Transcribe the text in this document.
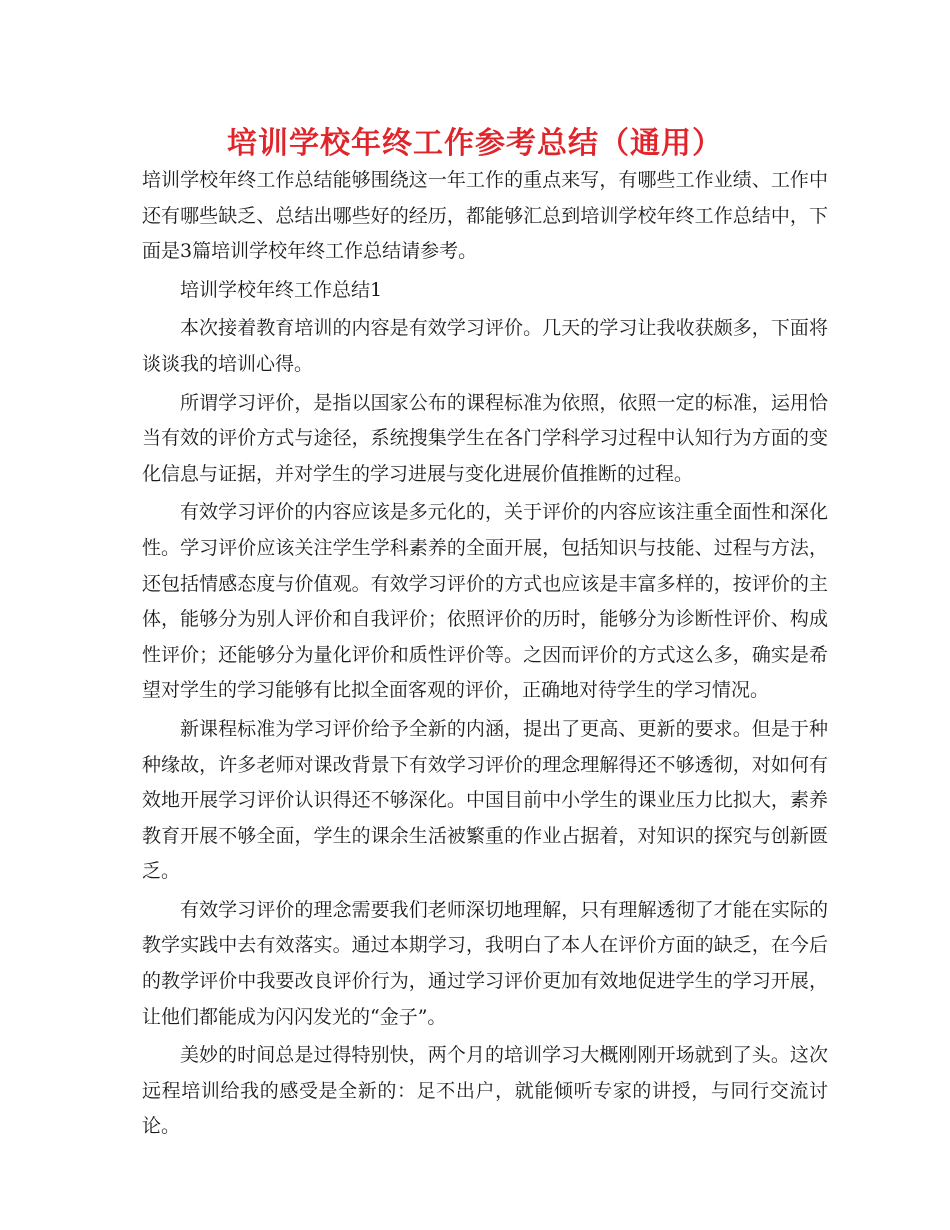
培训学校年终工作参考总结（通用）

培训学校年终工作总结能够围绕这一年工作的重点来写，有哪些工作业绩、工作中还有哪些缺乏、总结出哪些好的经历，都能够汇总到培训学校年终工作总结中，下面是3篇培训学校年终工作总结请参考。

培训学校年终工作总结1

本次接着教育培训的内容是有效学习评价。几天的学习让我收获颇多，下面将谈谈我的培训心得。

所谓学习评价，是指以国家公布的课程标准为依照，依照一定的标准，运用恰当有效的评价方式与途径，系统搜集学生在各门学科学习过程中认知行为方面的变化信息与证据，并对学生的学习进展与变化进展价值推断的过程。

有效学习评价的内容应该是多元化的，关于评价的内容应该注重全面性和深化性。学习评价应该关注学生学科素养的全面开展，包括知识与技能、过程与方法，还包括情感态度与价值观。有效学习评价的方式也应该是丰富多样的，按评价的主体，能够分为别人评价和自我评价；依照评价的历时，能够分为诊断性评价、构成性评价；还能够分为量化评价和质性评价等。之因而评价的方式这么多，确实是希望对学生的学习能够有比拟全面客观的评价，正确地对待学生的学习情况。

新课程标准为学习评价给予全新的内涵，提出了更高、更新的要求。但是于种种缘故，许多老师对课改背景下有效学习评价的理念理解得还不够透彻，对如何有效地开展学习评价认识得还不够深化。中国目前中小学生的课业压力比拟大，素养教育开展不够全面，学生的课余生活被繁重的作业占据着，对知识的探究与创新匮乏。

有效学习评价的理念需要我们老师深切地理解，只有理解透彻了才能在实际的教学实践中去有效落实。通过本期学习，我明白了本人在评价方面的缺乏，在今后的教学评价中我要改良评价行为，通过学习评价更加有效地促进学生的学习开展，让他们都能成为闪闪发光的“金子”。

美妙的时间总是过得特别快，两个月的培训学习大概刚刚开场就到了头。这次远程培训给我的感受是全新的：足不出户，就能倾听专家的讲授，与同行交流讨论。
